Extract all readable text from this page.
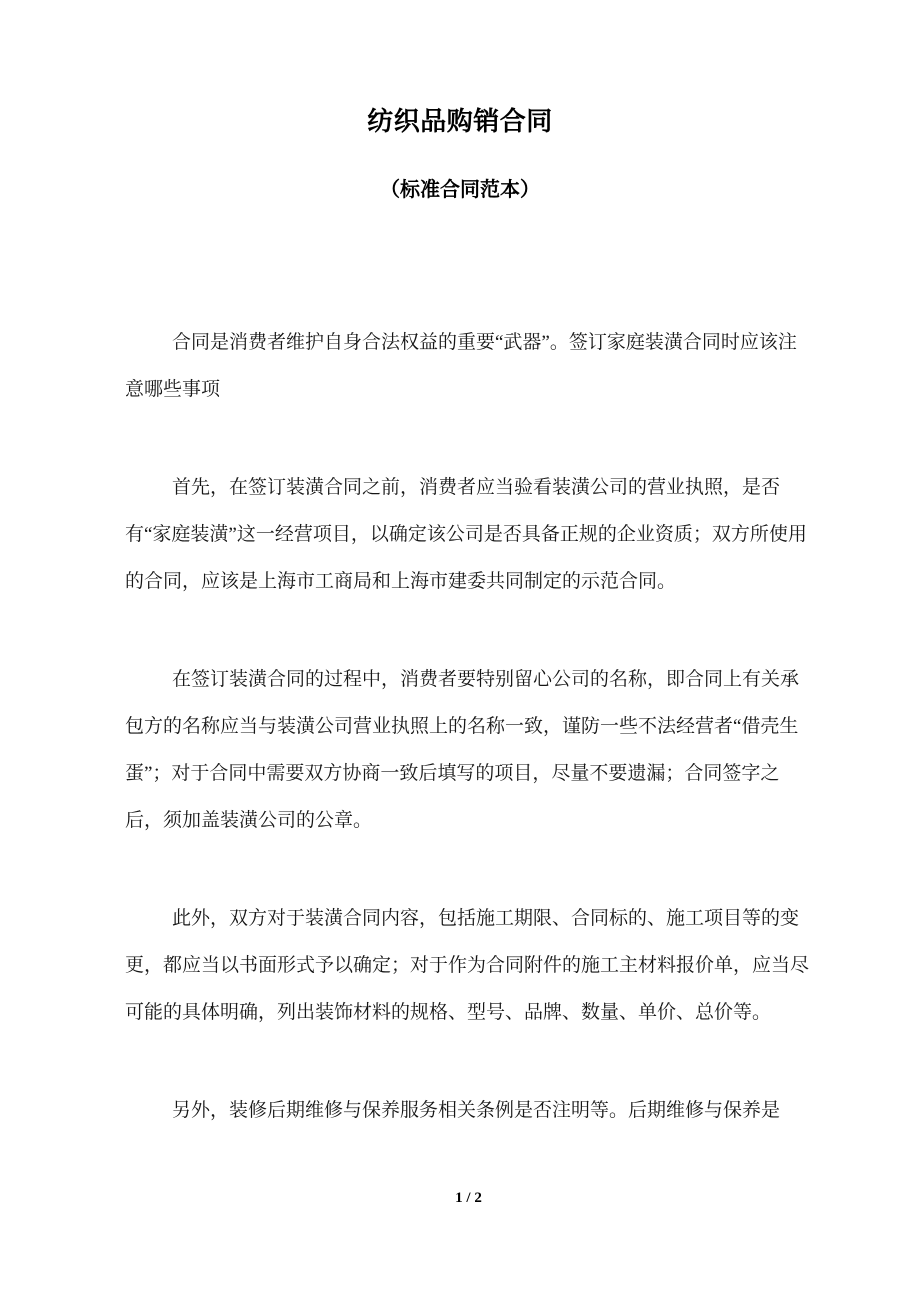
纺织品购销合同
（标准合同范本）

合同是消费者维护自身合法权益的重要“武器”。签订家庭装潢合同时应该注意哪些事项

首先，在签订装潢合同之前，消费者应当验看装潢公司的营业执照，是否有“家庭装潢”这一经营项目，以确定该公司是否具备正规的企业资质；双方所使用的合同，应该是上海市工商局和上海市建委共同制定的示范合同。

在签订装潢合同的过程中，消费者要特别留心公司的名称，即合同上有关承包方的名称应当与装潢公司营业执照上的名称一致，谨防一些不法经营者“借壳生蛋”；对于合同中需要双方协商一致后填写的项目，尽量不要遗漏；合同签字之后，须加盖装潢公司的公章。

此外，双方对于装潢合同内容，包括施工期限、合同标的、施工项目等的变更，都应当以书面形式予以确定；对于作为合同附件的施工主材料报价单，应当尽可能的具体明确，列出装饰材料的规格、型号、品牌、数量、单价、总价等。

另外，装修后期维修与保养服务相关条例是否注明等。后期维修与保养是

1 / 2
